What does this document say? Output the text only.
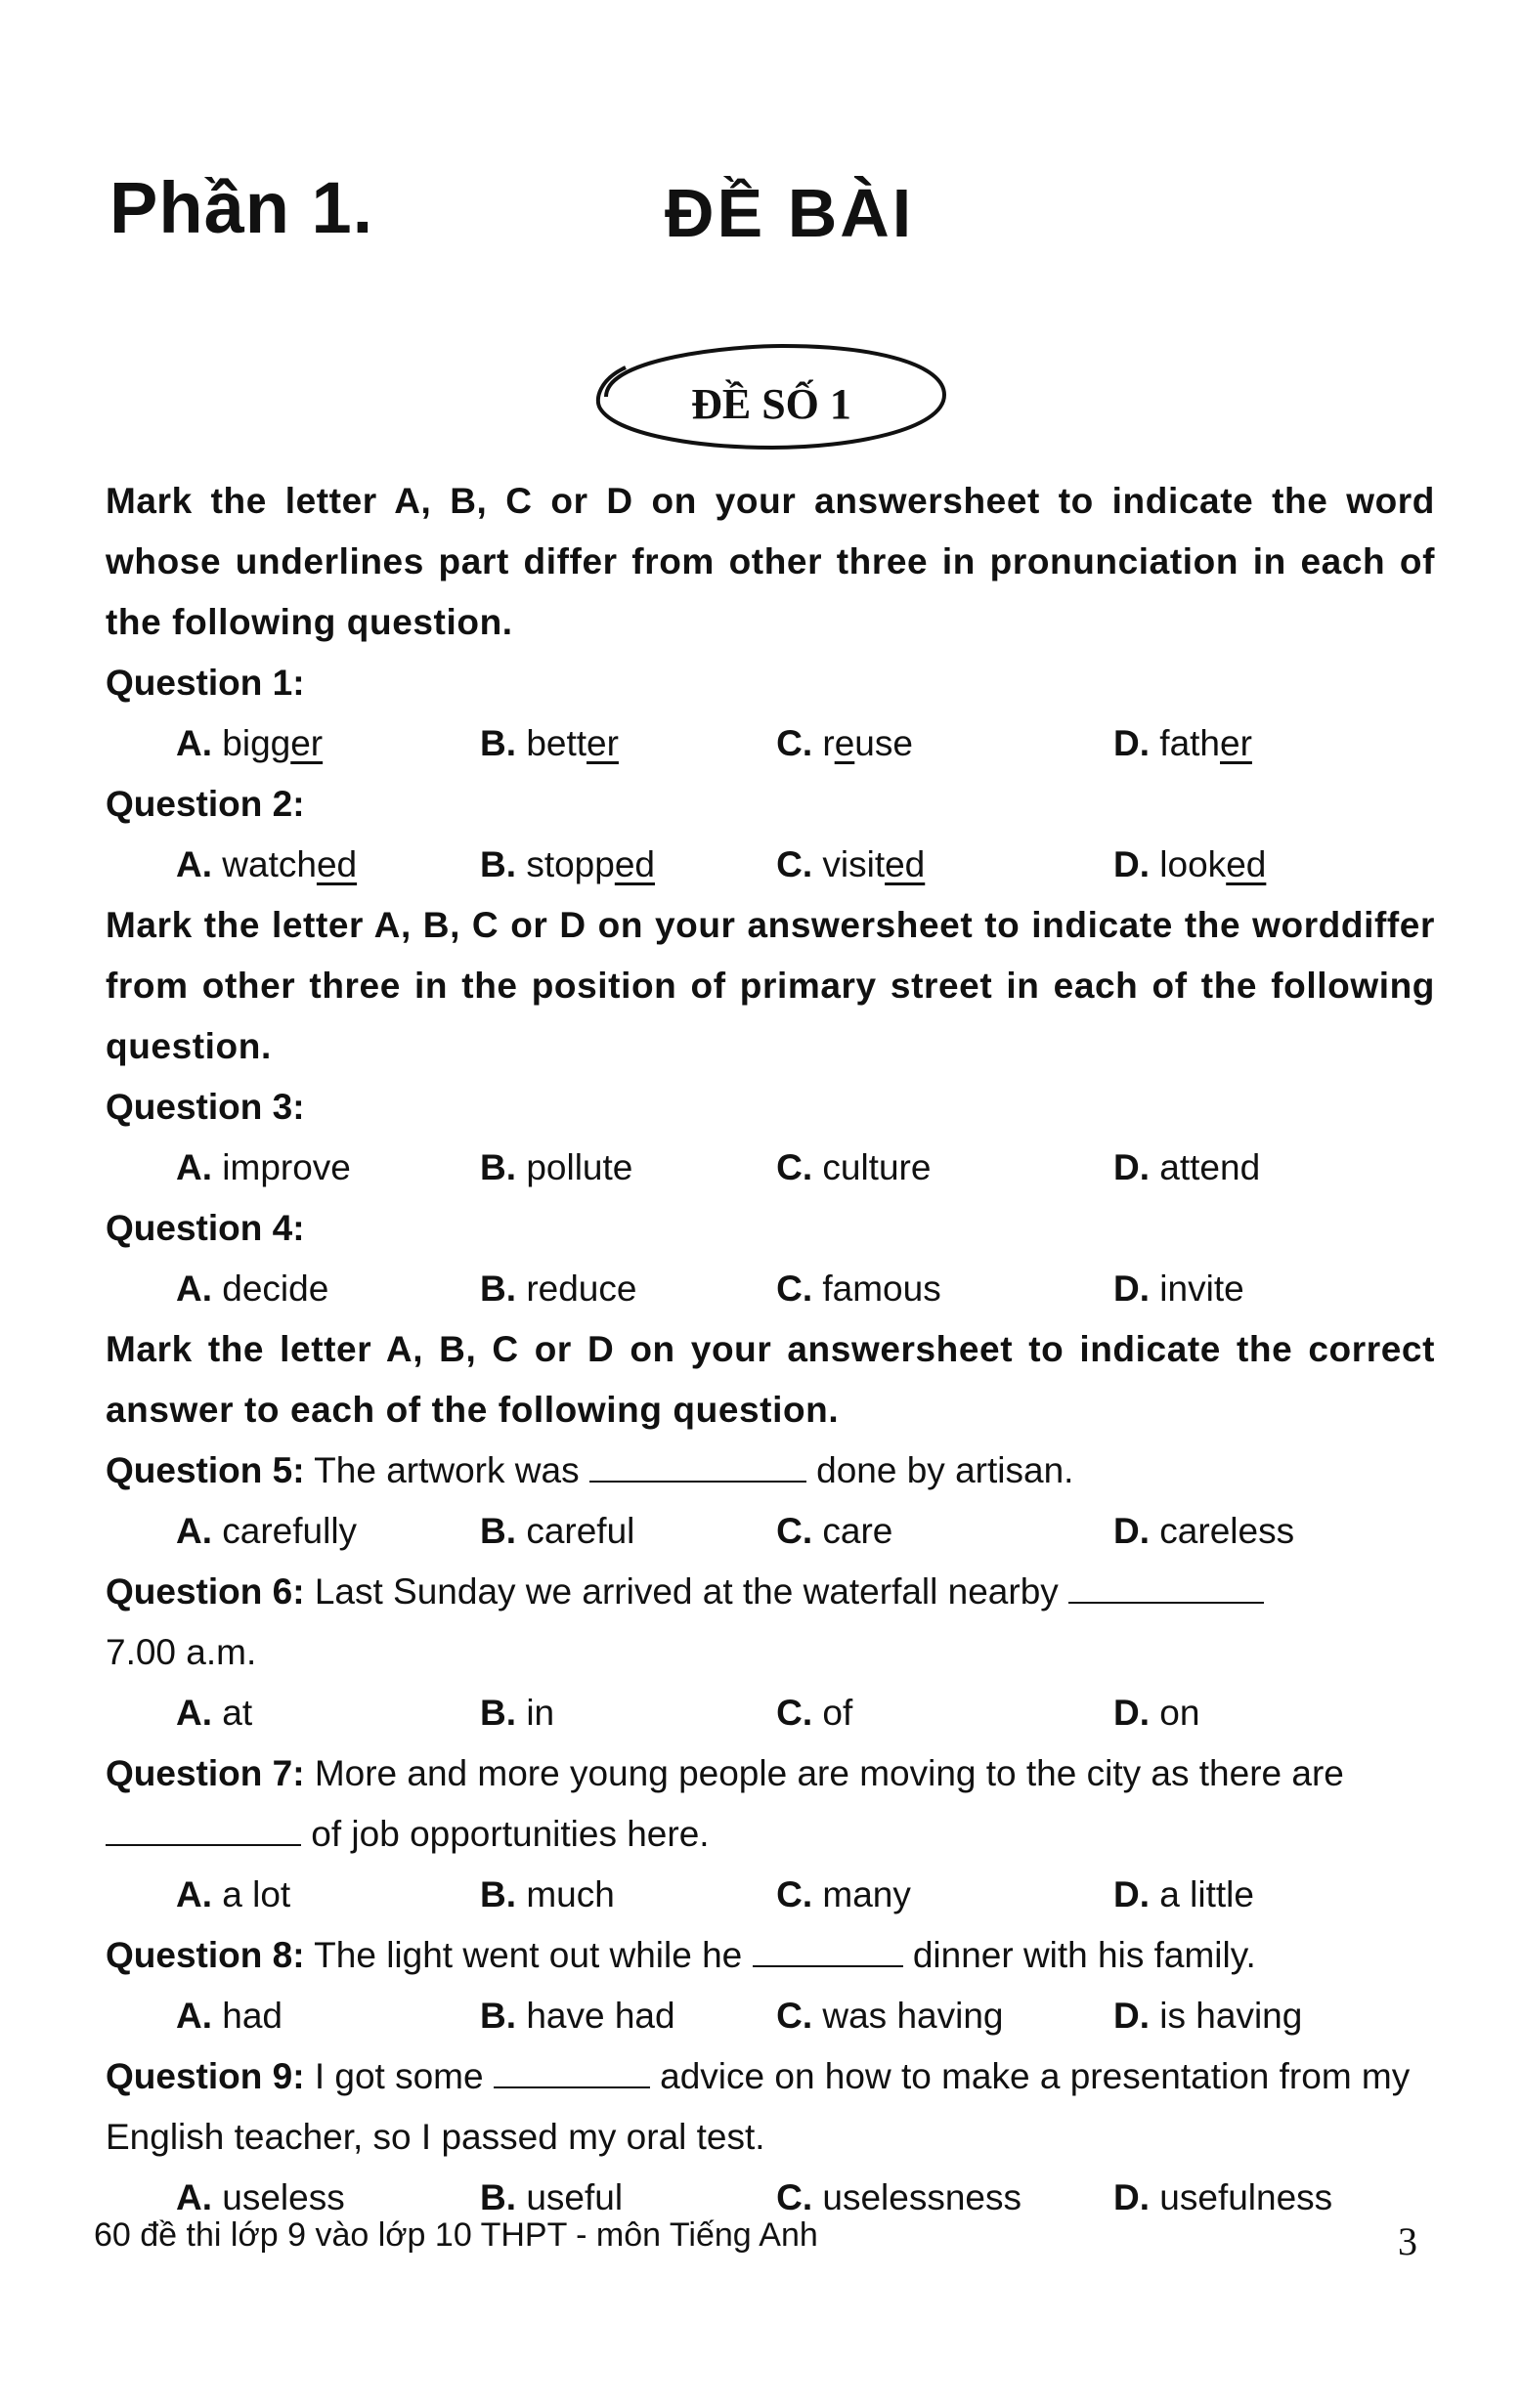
Phần 1.	ĐỀ BÀI
ĐỀ SỐ 1
Mark the letter A, B, C or D on your answersheet to indicate the word whose underlines part differ from other three in pronunciation in each of the following question.
Question 1:
A. bigger	B. better	C. reuse	D. father
Question 2:
A. watched	B. stopped	C. visited	D. looked
Mark the letter A, B, C or D on your answersheet to indicate the worddiffer from other three in the position of primary street in each of the following question.
Question 3:
A. improve	B. pollute	C. culture	D. attend
Question 4:
A. decide	B. reduce	C. famous	D. invite
Mark the letter A, B, C or D on your answersheet to indicate the correct answer to each of the following question.
Question 5: The artwork was	done by artisan.
A. carefully	B. careful	C. care	D. careless
Question 6: Last Sunday we arrived at the waterfall nearby
7.00 a.m.
A. at	B. in	C. of	D. on
Question 7: More and more young people are moving to the city as there are  of job opportunities here.
A. a lot	B. much	C. many	D. a little
Question 8: The light went out while he	dinner with his family.
A. had	B. have had	C. was having	D. is having
Question 9: I got some	advice on how to make a presentation from my English teacher, so I passed my oral test.
A. useless	B. useful	C. uselessness	D. usefulness
60 đề thi lớp 9 vào lớp 10 THPT - môn Tiếng Anh	3
